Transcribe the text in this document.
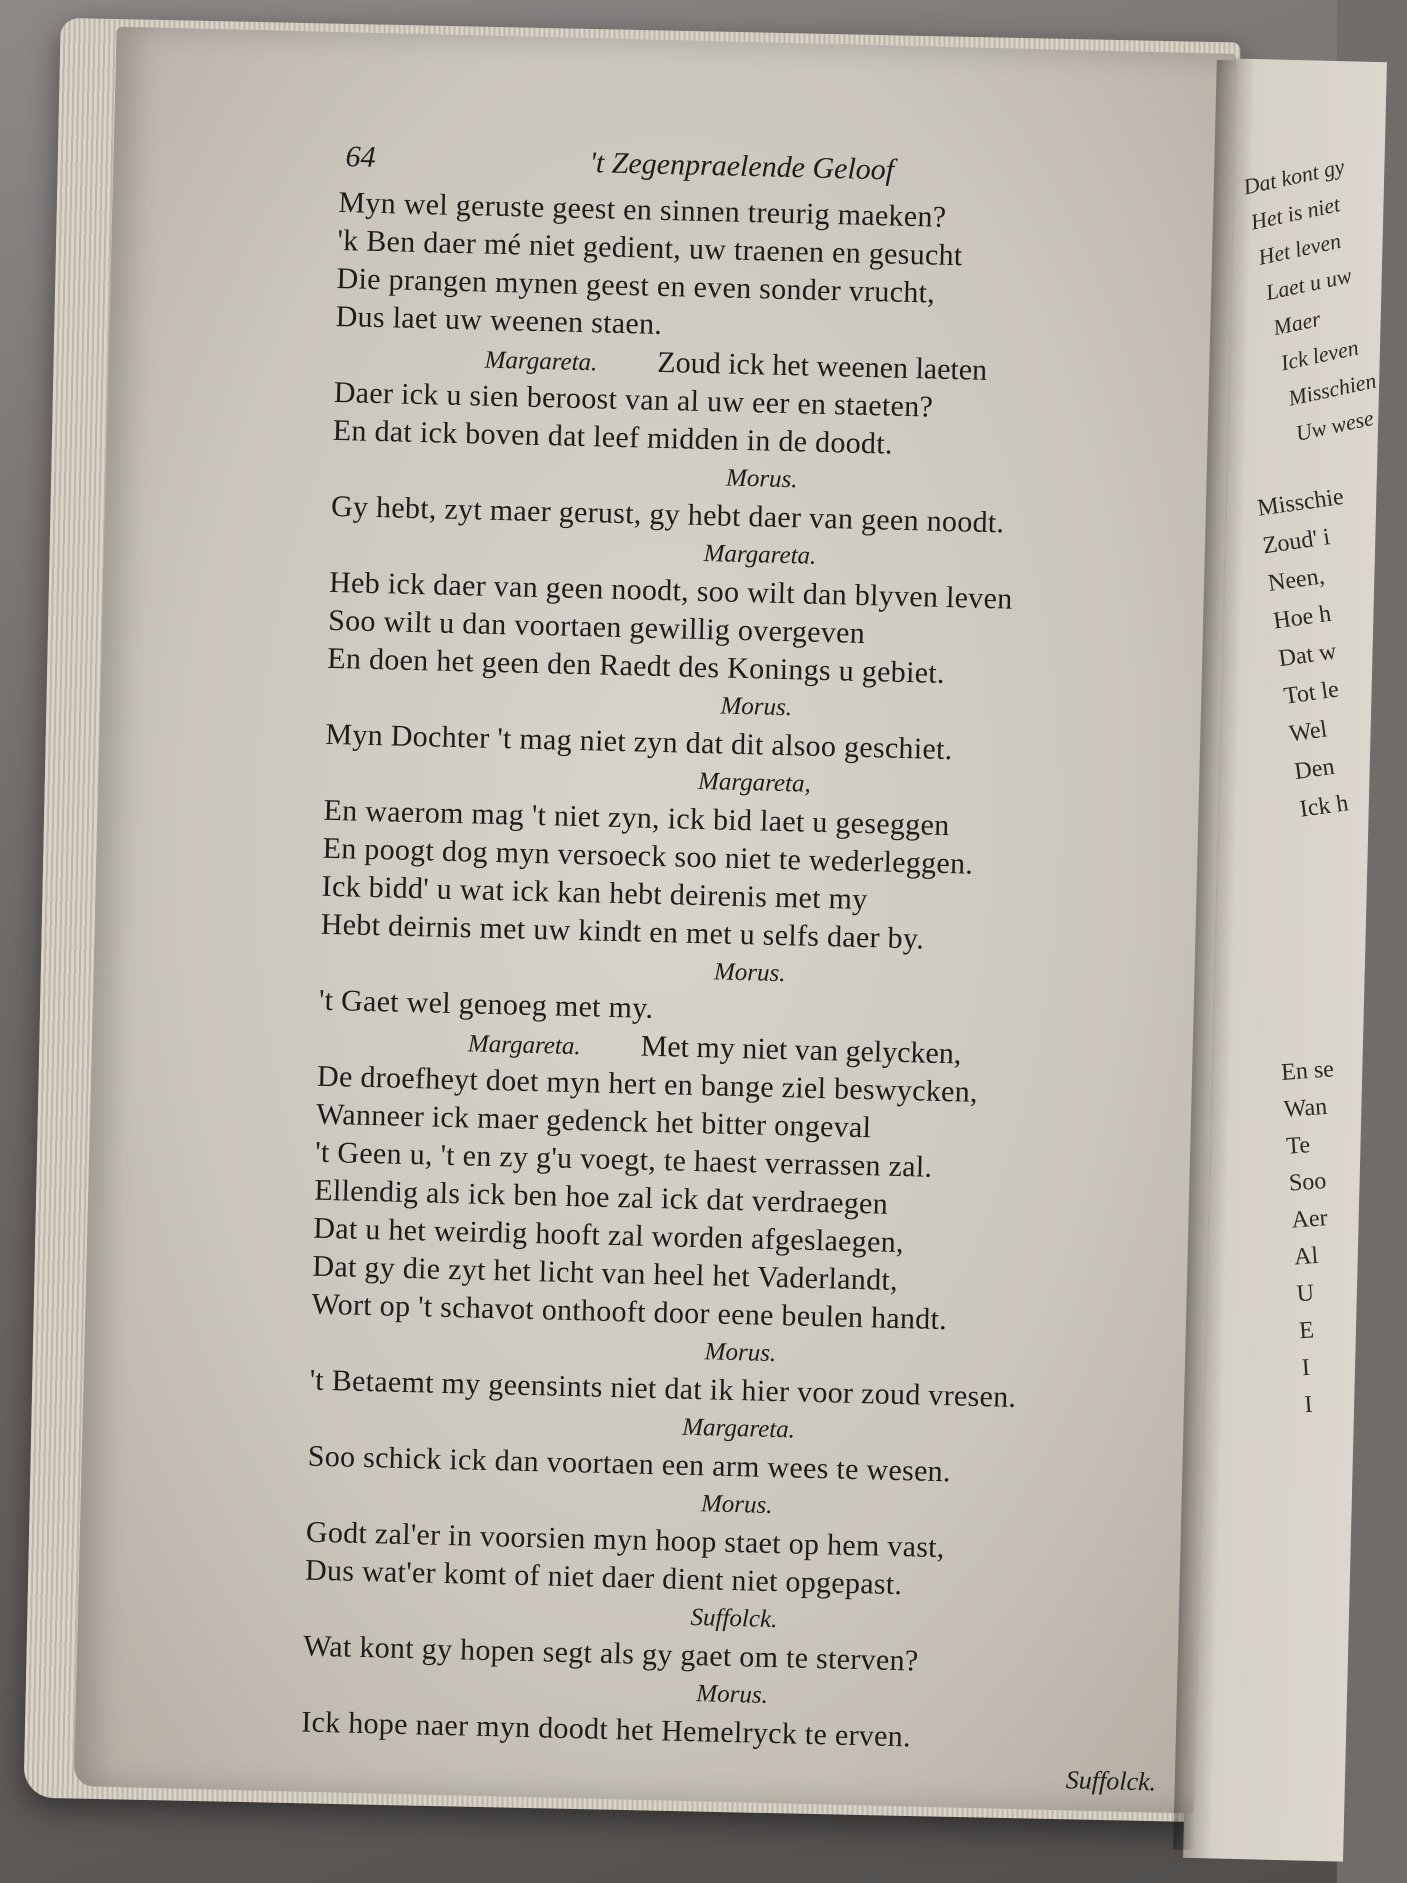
64	't Zegenpraelende Geloof
Myn wel geruste geest en sinnen treurig maeken?
'k Ben daer mé niet gedient, uw traenen en gesucht
Die prangen mynen geest en even sonder vrucht,
Dus laet uw weenen staen.
Margareta. Zoud ick het weenen laeten
Daer ick u sien beroost van al uw eer en staeten?
En dat ick boven dat leef midden in de doodt.
Morus.
Gy hebt, zyt maer gerust, gy hebt daer van geen noodt.
Margareta.
Heb ick daer van geen noodt, soo wilt dan blyven leven
Soo wilt u dan voortaen gewillig overgeven
En doen het geen den Raedt des Konings u gebiet.
Morus.
Myn Dochter 't mag niet zyn dat dit alsoo geschiet.
Margareta,
En waerom mag 't niet zyn, ick bid laet u geseggen
En poogt dog myn versoeck soo niet te wederleggen.
Ick bidd' u wat ick kan hebt deirenis met my
Hebt deirnis met uw kindt en met u selfs daer by.
Morus.
't Gaet wel genoeg met my.
Margareta. Met my niet van gelycken,
De droefheyt doet myn hert en bange ziel beswycken,
Wanneer ick maer gedenck het bitter ongeval
't Geen u, 't en zy g'u voegt, te haest verrassen zal.
Ellendig als ick ben hoe zal ick dat verdraegen
Dat u het weirdig hooft zal worden afgeslaegen,
Dat gy die zyt het licht van heel het Vaderlandt,
Wort op 't schavot onthooft door eene beulen handt.
Morus.
't Betaemt my geensints niet dat ik hier voor zoud vresen.
Margareta.
Soo schick ick dan voortaen een arm wees te wesen.
Morus.
Godt zal'er in voorsien myn hoop staet op hem vast,
Dus wat'er komt of niet daer dient niet opgepast.
Suffolck.
Wat kont gy hopen segt als gy gaet om te sterven?
Morus.
Ick hope naer myn doodt het Hemelryck te erven.
Suffolck.
Dat kont gy
Het is niet
Het leven
Laet u uw
Maer
Ick leven
Misschien
Uw wese
Misschie
Zoud' i
Neen,
Hoe h
Dat w
Tot le
Wel
Den
Ick h
En se
Wan
Te
Soo
Aer
Al
U
E
I
I
